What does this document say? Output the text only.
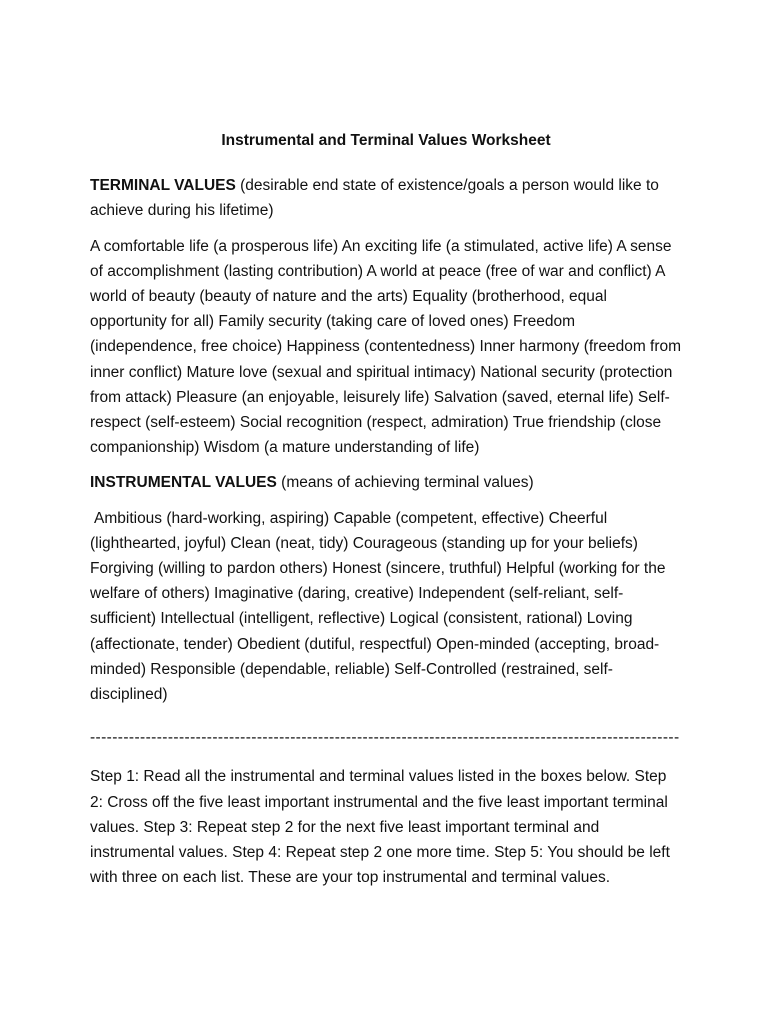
Instrumental and Terminal Values Worksheet

TERMINAL VALUES (desirable end state of existence/goals a person would like to achieve during his lifetime)

A comfortable life (a prosperous life) An exciting life (a stimulated, active life) A sense of accomplishment (lasting contribution) A world at peace (free of war and conflict) A world of beauty (beauty of nature and the arts) Equality (brotherhood, equal opportunity for all) Family security (taking care of loved ones) Freedom (independence, free choice) Happiness (contentedness) Inner harmony (freedom from inner conflict) Mature love (sexual and spiritual intimacy) National security (protection from attack) Pleasure (an enjoyable, leisurely life) Salvation (saved, eternal life) Self-respect (self-esteem) Social recognition (respect, admiration) True friendship (close companionship) Wisdom (a mature understanding of life)

INSTRUMENTAL VALUES (means of achieving terminal values)

Ambitious (hard-working, aspiring) Capable (competent, effective) Cheerful (lighthearted, joyful) Clean (neat, tidy) Courageous (standing up for your beliefs) Forgiving (willing to pardon others) Honest (sincere, truthful) Helpful (working for the welfare of others) Imaginative (daring, creative) Independent (self-reliant, self-sufficient) Intellectual (intelligent, reflective) Logical (consistent, rational) Loving (affectionate, tender) Obedient (dutiful, respectful) Open-minded (accepting, broad-minded) Responsible (dependable, reliable) Self-Controlled (restrained, self-disciplined)

----------------------------------------------------------------------------------------------------------

Step 1: Read all the instrumental and terminal values listed in the boxes below. Step 2: Cross off the five least important instrumental and the five least important terminal values. Step 3: Repeat step 2 for the next five least important terminal and instrumental values. Step 4: Repeat step 2 one more time. Step 5: You should be left with three on each list. These are your top instrumental and terminal values.
